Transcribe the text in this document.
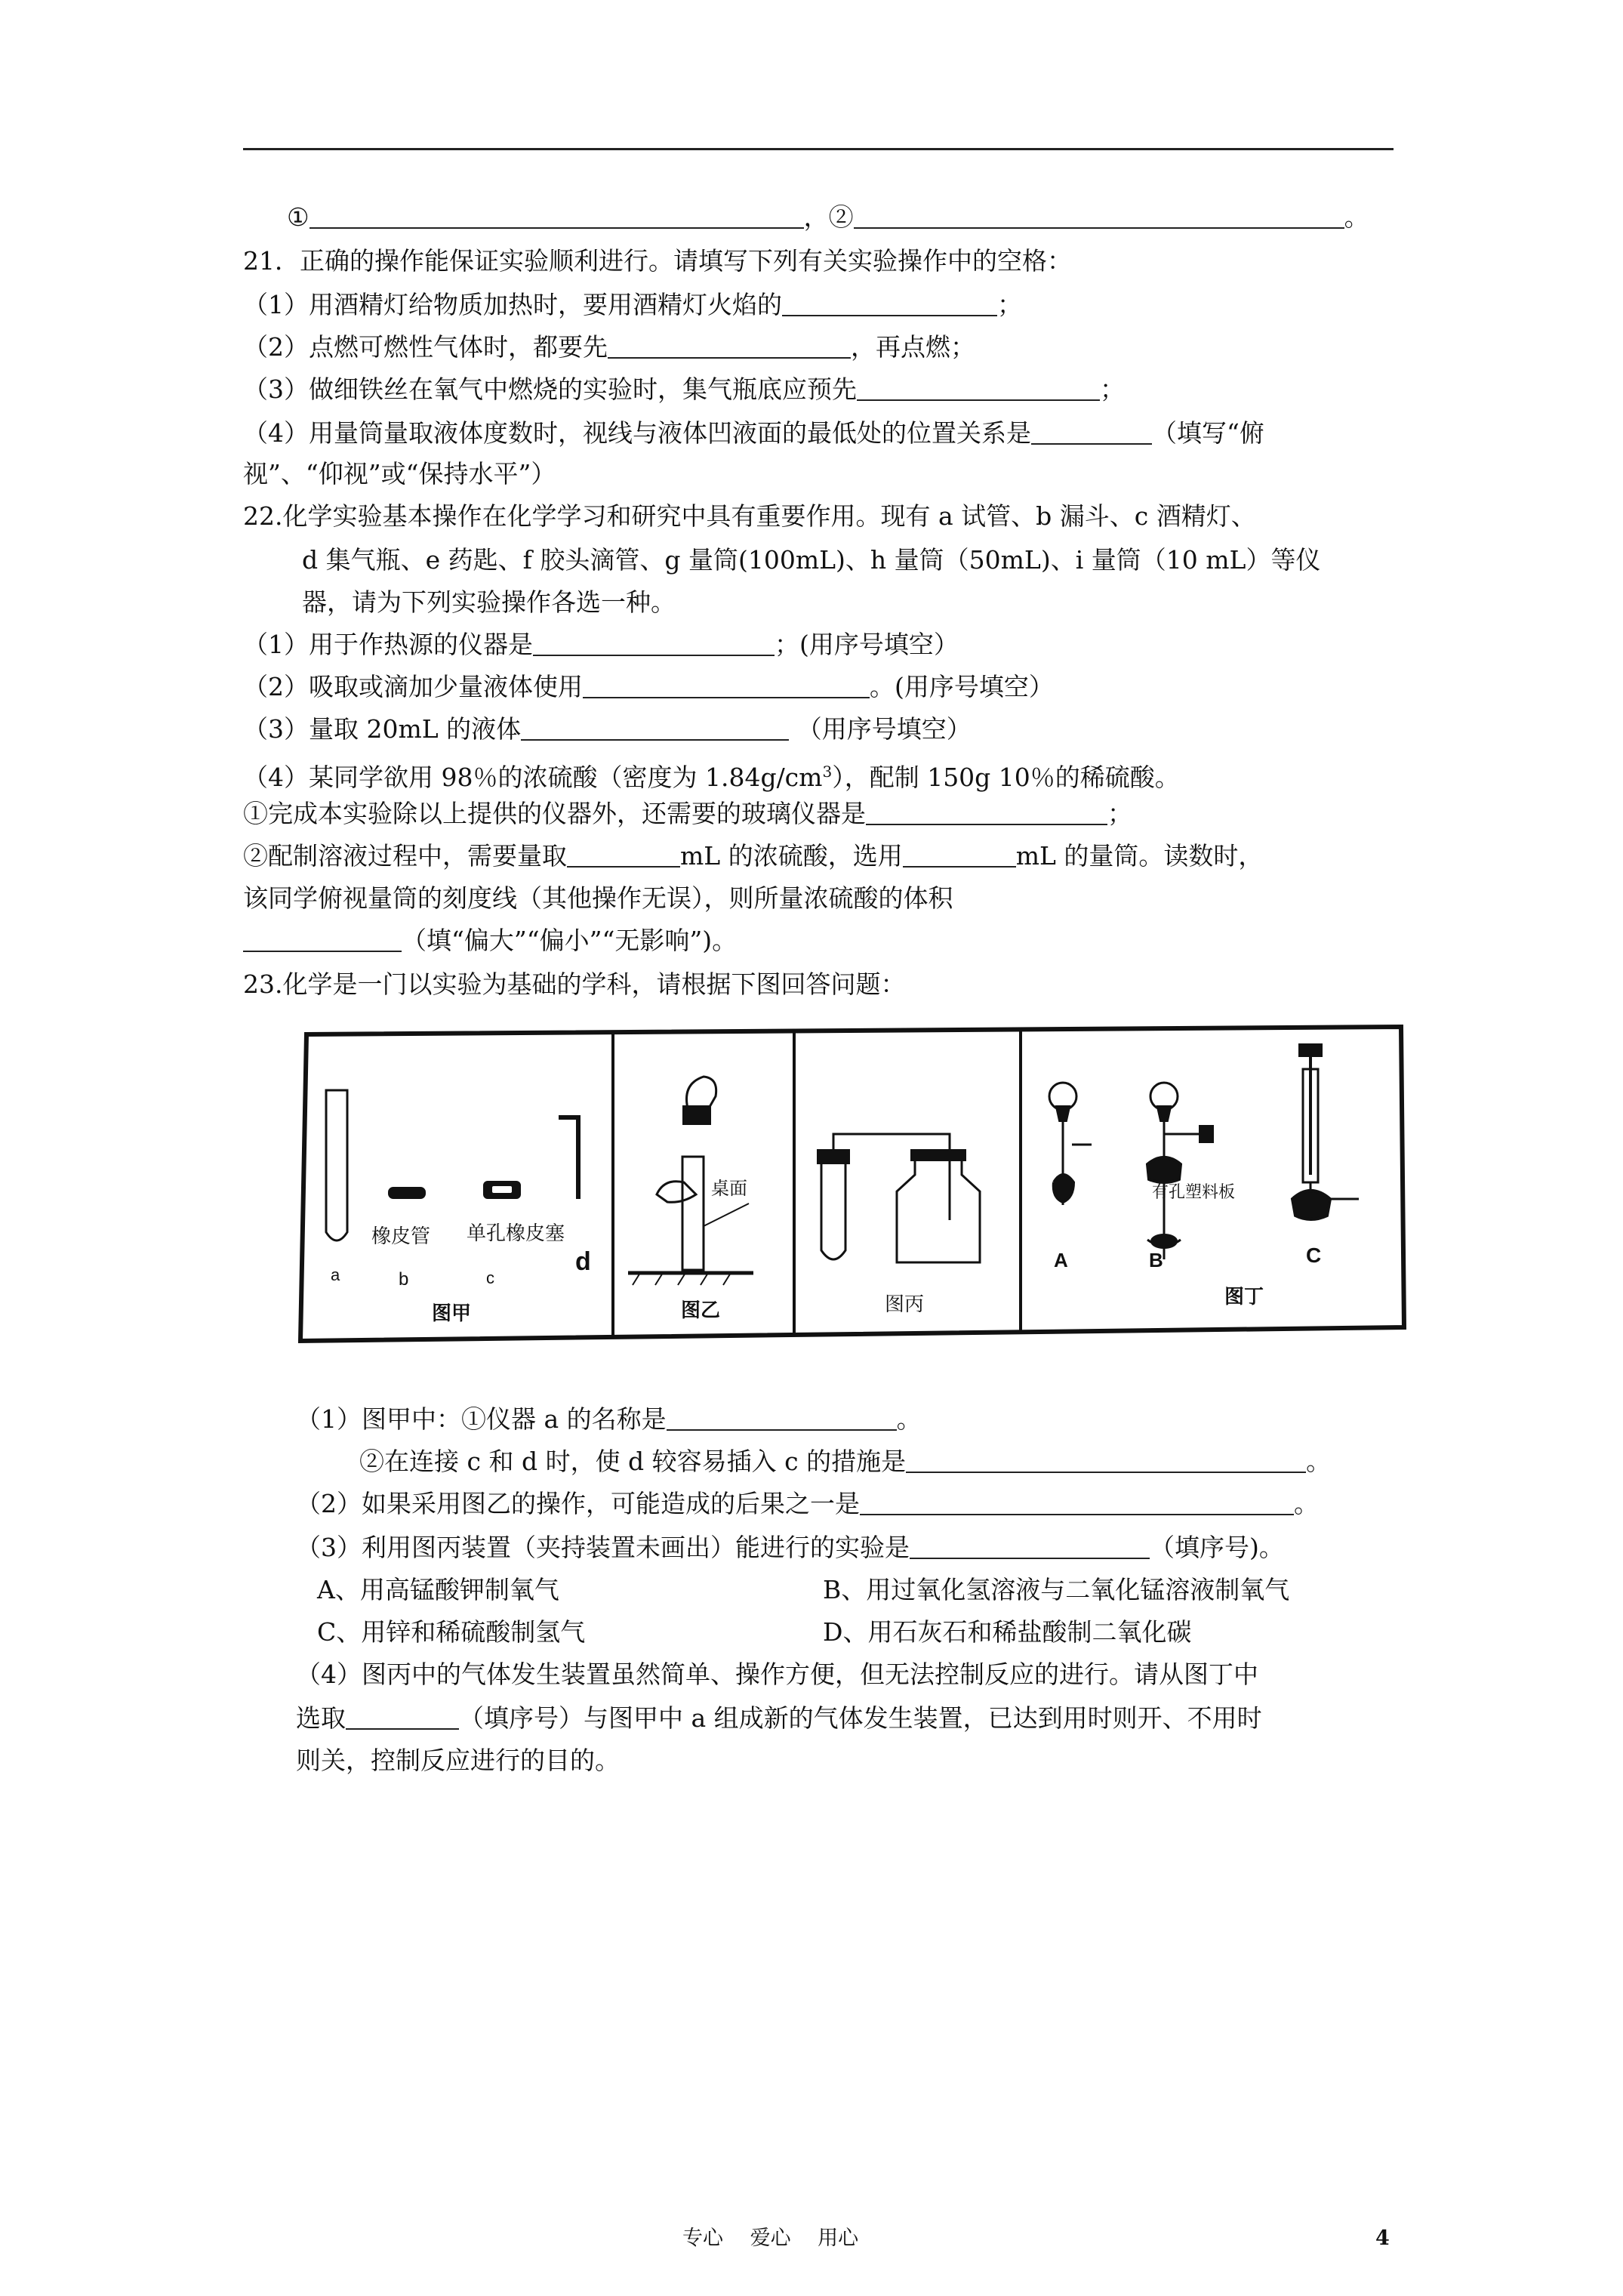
①	，②	。
21．正确的操作能保证实验顺利进行。请填写下列有关实验操作中的空格：
（1）用酒精灯给物质加热时，要用酒精灯火焰的	；
（2）点燃可燃性气体时，都要先	，再点燃；
（3）做细铁丝在氧气中燃烧的实验时，集气瓶底应预先	；
（4）用量筒量取液体度数时，视线与液体凹液面的最低处的位置关系是	（填写“俯
视”、“仰视”或“保持水平”）
22.化学实验基本操作在化学学习和研究中具有重要作用。现有 a 试管、b 漏斗、c 酒精灯、
d 集气瓶、e 药匙、f 胶头滴管、g 量筒(100mL)、h 量筒（50mL)、i 量筒（10 mL）等仪
器，请为下列实验操作各选一种。
（1）用于作热源的仪器是	；(用序号填空）
（2）吸取或滴加少量液体使用	。(用序号填空）
（3）量取 20mL 的液体	（用序号填空）
（4）某同学欲用 98％的浓硫酸（密度为 $1.84g/cm^3$），配制 150g 10％的稀硫酸。
①完成本实验除以上提供的仪器外，还需要的玻璃仪器是	；
②配制溶液过程中，需要量取	mL 的浓硫酸，选用	mL 的量筒。读数时，
该同学俯视量筒的刻度线（其他操作无误），则所量浓硫酸的体积
（填“偏大”“偏小”“无影响”)。
23.化学是一门以实验为基础的学科，请根据下图回答问题：
a	b	c
d
橡皮管 单孔橡皮塞
桌面	有孔塑料板
A	B	C
图甲	图乙	图丙	图丁
（1）图甲中：①仪器 a 的名称是	。
②在连接 c 和 d 时，使 d 较容易插入 c 的措施是	。
（2）如果采用图乙的操作，可能造成的后果之一是	。
（3）利用图丙装置（夹持装置未画出）能进行的实验是	（填序号)。
A、用高锰酸钾制氧气	B、用过氧化氢溶液与二氧化锰溶液制氧气
C、用锌和稀硫酸制氢气	D、用石灰石和稀盐酸制二氧化碳
（4）图丙中的气体发生装置虽然简单、操作方便，但无法控制反应的进行。请从图丁中
选取	（填序号）与图甲中 a 组成新的气体发生装置，已达到用时则开、不用时
则关，控制反应进行的目的。
专心　 爱心　 用心	4
